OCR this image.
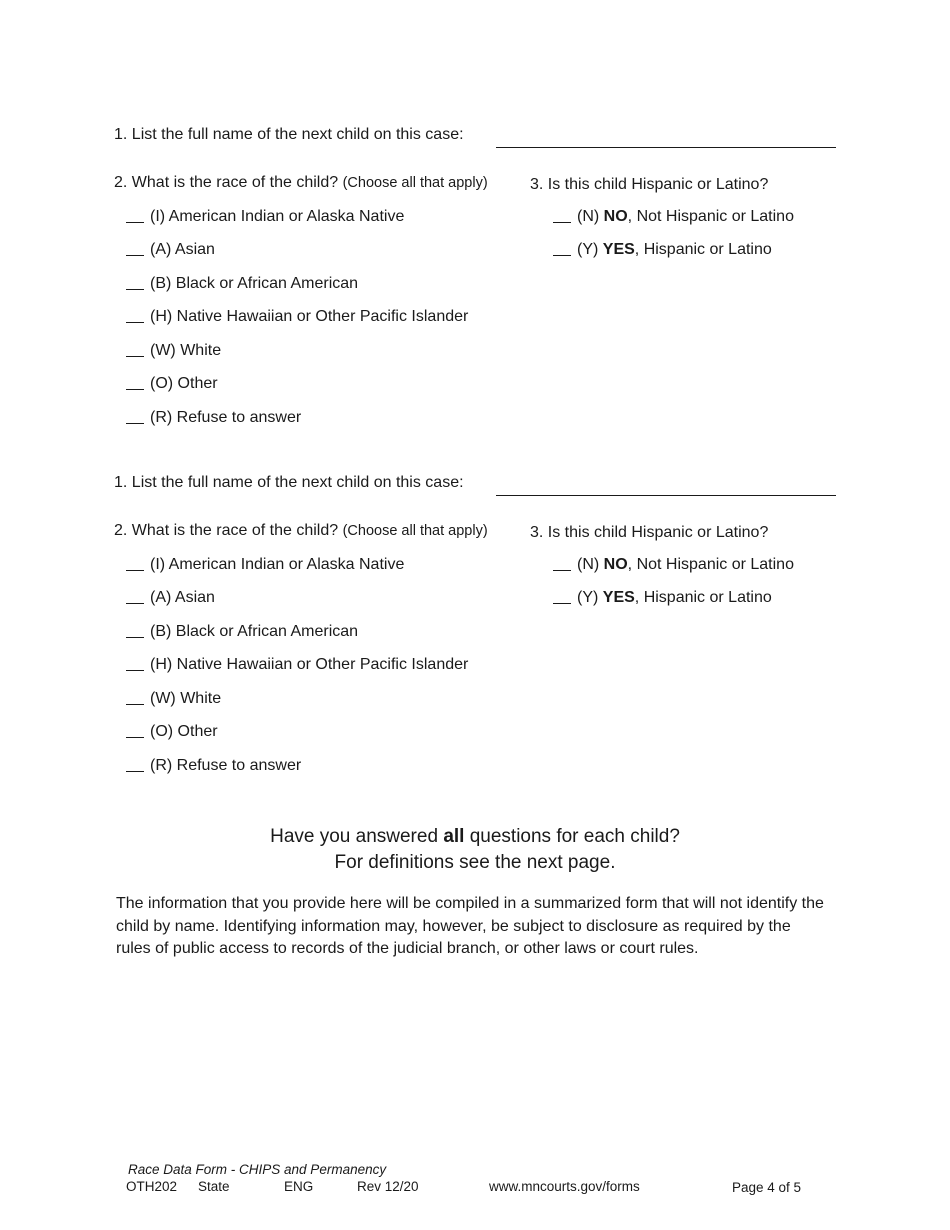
1. List the full name of the next child on this case:
2. What is the race of the child? (Choose all that apply)	3. Is this child Hispanic or Latino?
(I) American Indian or Alaska Native
(A) Asian
(B) Black or African American
(H) Native Hawaiian or Other Pacific Islander
(W) White
(O) Other
(R) Refuse to answer
(N) NO, Not Hispanic or Latino
(Y) YES, Hispanic or Latino
1. List the full name of the next child on this case:
2. What is the race of the child? (Choose all that apply)	3. Is this child Hispanic or Latino?
(I) American Indian or Alaska Native
(A) Asian
(B) Black or African American
(H) Native Hawaiian or Other Pacific Islander
(W) White
(O) Other
(R) Refuse to answer
(N) NO, Not Hispanic or Latino
(Y) YES, Hispanic or Latino
Have you answered all questions for each child?
For definitions see the next page.
The information that you provide here will be compiled in a summarized form that will not identify the child by name. Identifying information may, however, be subject to disclosure as required by the rules of public access to records of the judicial branch, or other laws or court rules.
Race Data Form - CHIPS and Permanency
OTH202 State	ENG	Rev 12/20	www.mncourts.gov/forms	Page 4 of 5
